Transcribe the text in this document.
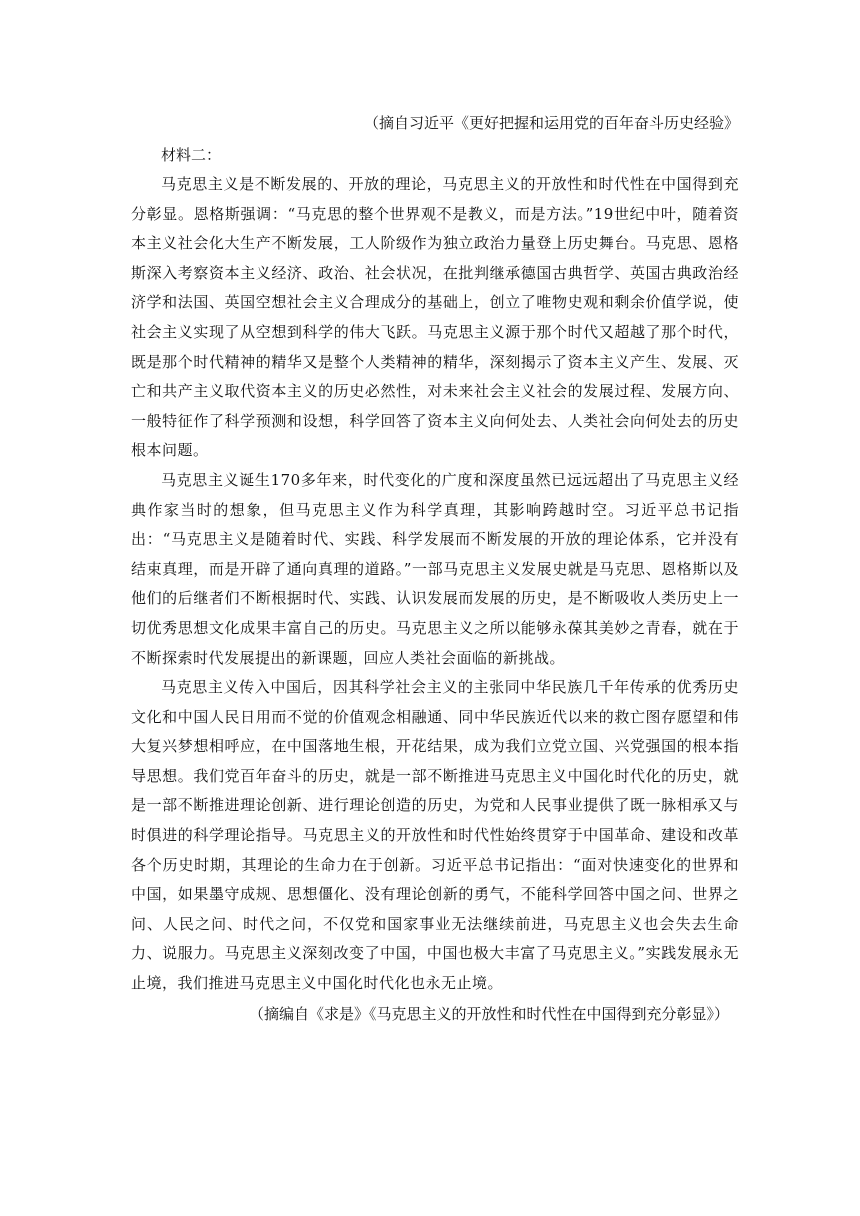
（摘自习近平《更好把握和运用党的百年奋斗历史经验》

材料二：

马克思主义是不断发展的、开放的理论，马克思主义的开放性和时代性在中国得到充分彰显。恩格斯强调：“马克思的整个世界观不是教义，而是方法。”19世纪中叶，随着资本主义社会化大生产不断发展，工人阶级作为独立政治力量登上历史舞台。马克思、恩格斯深入考察资本主义经济、政治、社会状况，在批判继承德国古典哲学、英国古典政治经济学和法国、英国空想社会主义合理成分的基础上，创立了唯物史观和剩余价值学说，使社会主义实现了从空想到科学的伟大飞跃。马克思主义源于那个时代又超越了那个时代，既是那个时代精神的精华又是整个人类精神的精华，深刻揭示了资本主义产生、发展、灭亡和共产主义取代资本主义的历史必然性，对未来社会主义社会的发展过程、发展方向、一般特征作了科学预测和设想，科学回答了资本主义向何处去、人类社会向何处去的历史根本问题。

马克思主义诞生170多年来，时代变化的广度和深度虽然已远远超出了马克思主义经典作家当时的想象，但马克思主义作为科学真理，其影响跨越时空。习近平总书记指出：“马克思主义是随着时代、实践、科学发展而不断发展的开放的理论体系，它并没有结束真理，而是开辟了通向真理的道路。”一部马克思主义发展史就是马克思、恩格斯以及他们的后继者们不断根据时代、实践、认识发展而发展的历史，是不断吸收人类历史上一切优秀思想文化成果丰富自己的历史。马克思主义之所以能够永葆其美妙之青春，就在于不断探索时代发展提出的新课题，回应人类社会面临的新挑战。

马克思主义传入中国后，因其科学社会主义的主张同中华民族几千年传承的优秀历史文化和中国人民日用而不觉的价值观念相融通、同中华民族近代以来的救亡图存愿望和伟大复兴梦想相呼应，在中国落地生根，开花结果，成为我们立党立国、兴党强国的根本指导思想。我们党百年奋斗的历史，就是一部不断推进马克思主义中国化时代化的历史，就是一部不断推进理论创新、进行理论创造的历史，为党和人民事业提供了既一脉相承又与时俱进的科学理论指导。马克思主义的开放性和时代性始终贯穿于中国革命、建设和改革各个历史时期，其理论的生命力在于创新。习近平总书记指出：“面对快速变化的世界和中国，如果墨守成规、思想僵化、没有理论创新的勇气，不能科学回答中国之问、世界之问、人民之问、时代之问，不仅党和国家事业无法继续前进，马克思主义也会失去生命力、说服力。马克思主义深刻改变了中国，中国也极大丰富了马克思主义。”实践发展永无止境，我们推进马克思主义中国化时代化也永无止境。

（摘编自《求是》《马克思主义的开放性和时代性在中国得到充分彰显》）
